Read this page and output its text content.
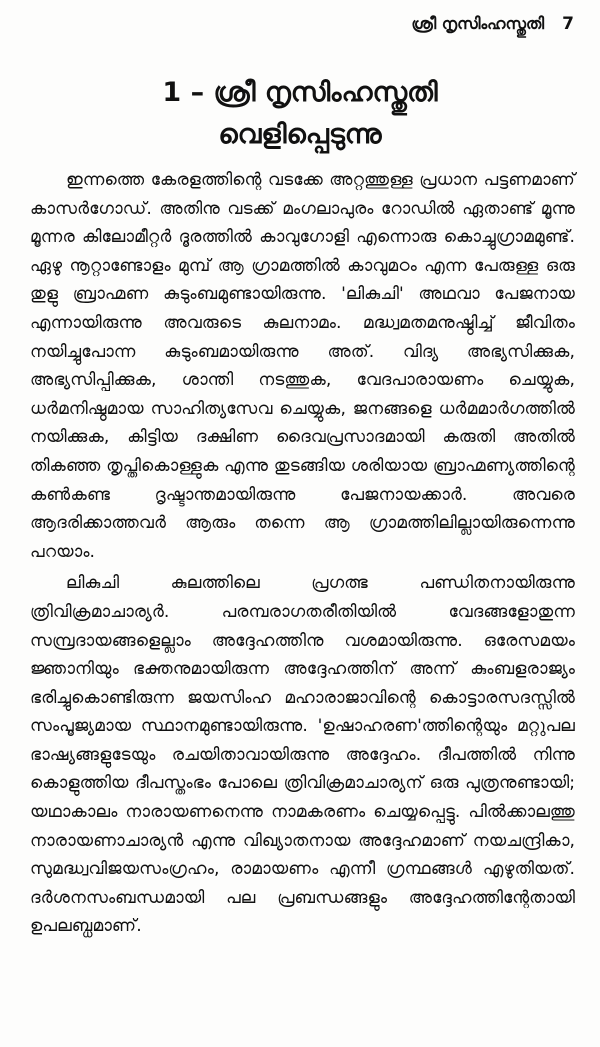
ശ്രീ നൃസിംഹസ്തുതി 7
1 – ശ്രീ നൃസിംഹസ്തുതി
വെളിപ്പെടുന്നു

ഇന്നത്തെ കേരളത്തിന്റെ വടക്കേ അറ്റത്തുള്ള പ്രധാന പട്ടണമാണ് കാസർഗോഡ്. അതിനു വടക്ക് മംഗലാപുരം റോഡിൽ ഏതാണ്ട് മൂന്നു മൂന്നര കിലോമീറ്റർ ദൂരത്തിൽ കാവുഗോളി എന്നൊരു കൊച്ചുഗ്രാമമുണ്ട്. ഏഴു നൂറ്റാണ്ടോളം മുമ്പ് ആ ഗ്രാമത്തിൽ കാവുമഠം എന്ന പേരുള്ള ഒരു തുളു ബ്രാഹ്മണ കുടുംബമുണ്ടായിരുന്നു. 'ലികുചി' അഥവാ പേജനായ എന്നായിരുന്നു അവരുടെ കുലനാമം. മദ്ധ്വമതമനുഷ്ഠിച്ച് ജീവിതം നയിച്ചുപോന്ന കുടുംബമായിരുന്നു അത്. വിദ്യ അഭ്യസിക്കുക, അഭ്യസിപ്പിക്കുക, ശാന്തി നടത്തുക, വേദപാരായണം ചെയ്യുക, ധർമനിഷ്ഠമായ സാഹിത്യസേവ ചെയ്യുക, ജനങ്ങളെ ധർമമാർഗത്തിൽ നയിക്കുക, കിട്ടിയ ദക്ഷിണ ദൈവപ്രസാദമായി കരുതി അതിൽ തികഞ്ഞ തൃപ്തികൊള്ളുക എന്നു തുടങ്ങിയ ശരിയായ ബ്രാഹ്മണ്യത്തിന്റെ കൺകണ്ട ദൃഷ്ടാന്തമായിരുന്നു പേജനായക്കാർ. അവരെ ആദരിക്കാത്തവർ ആരും തന്നെ ആ ഗ്രാമത്തിലില്ലായിരുന്നെന്നു പറയാം.

ലികുചി കുലത്തിലെ പ്രഗത്ഭ പണ്ഡിതനായിരുന്നു ത്രിവിക്രമാചാര്യർ. പരമ്പരാഗതരീതിയിൽ വേദങ്ങളോതുന്ന സമ്പ്രദായങ്ങളെല്ലാം അദ്ദേഹത്തിനു വശമായിരുന്നു. ഒരേസമയം ജ്ഞാനിയും ഭക്തനുമായിരുന്ന അദ്ദേഹത്തിന് അന്ന് കുംബളരാജ്യം ഭരിച്ചുകൊണ്ടിരുന്ന ജയസിംഹ മഹാരാജാവിന്റെ കൊട്ടാരസദസ്സിൽ സംപൂജ്യമായ സ്ഥാനമുണ്ടായിരുന്നു. 'ഉഷാഹരണ'ത്തിന്റെയും മറ്റുപല ഭാഷ്യങ്ങളുടേയും രചയിതാവായിരുന്നു അദ്ദേഹം. ദീപത്തിൽ നിന്നു കൊളുത്തിയ ദീപസ്തംഭം പോലെ ത്രിവിക്രമാചാര്യന് ഒരു പുത്രനുണ്ടായി; യഥാകാലം നാരായണനെന്നു നാമകരണം ചെയ്യപ്പെട്ടു. പിൽക്കാലത്തു നാരായണാചാര്യൻ എന്നു വിഖ്യാതനായ അദ്ദേഹമാണ് നയചന്ദ്രികാ, സുമദ്ധ്വവിജയസംഗ്രഹം, രാമായണം എന്നീ ഗ്രന്ഥങ്ങൾ എഴുതിയത്. ദർശനസംബന്ധമായി പല പ്രബന്ധങ്ങളും അദ്ദേഹത്തിന്റേതായി ഉപലബ്ധമാണ്.
